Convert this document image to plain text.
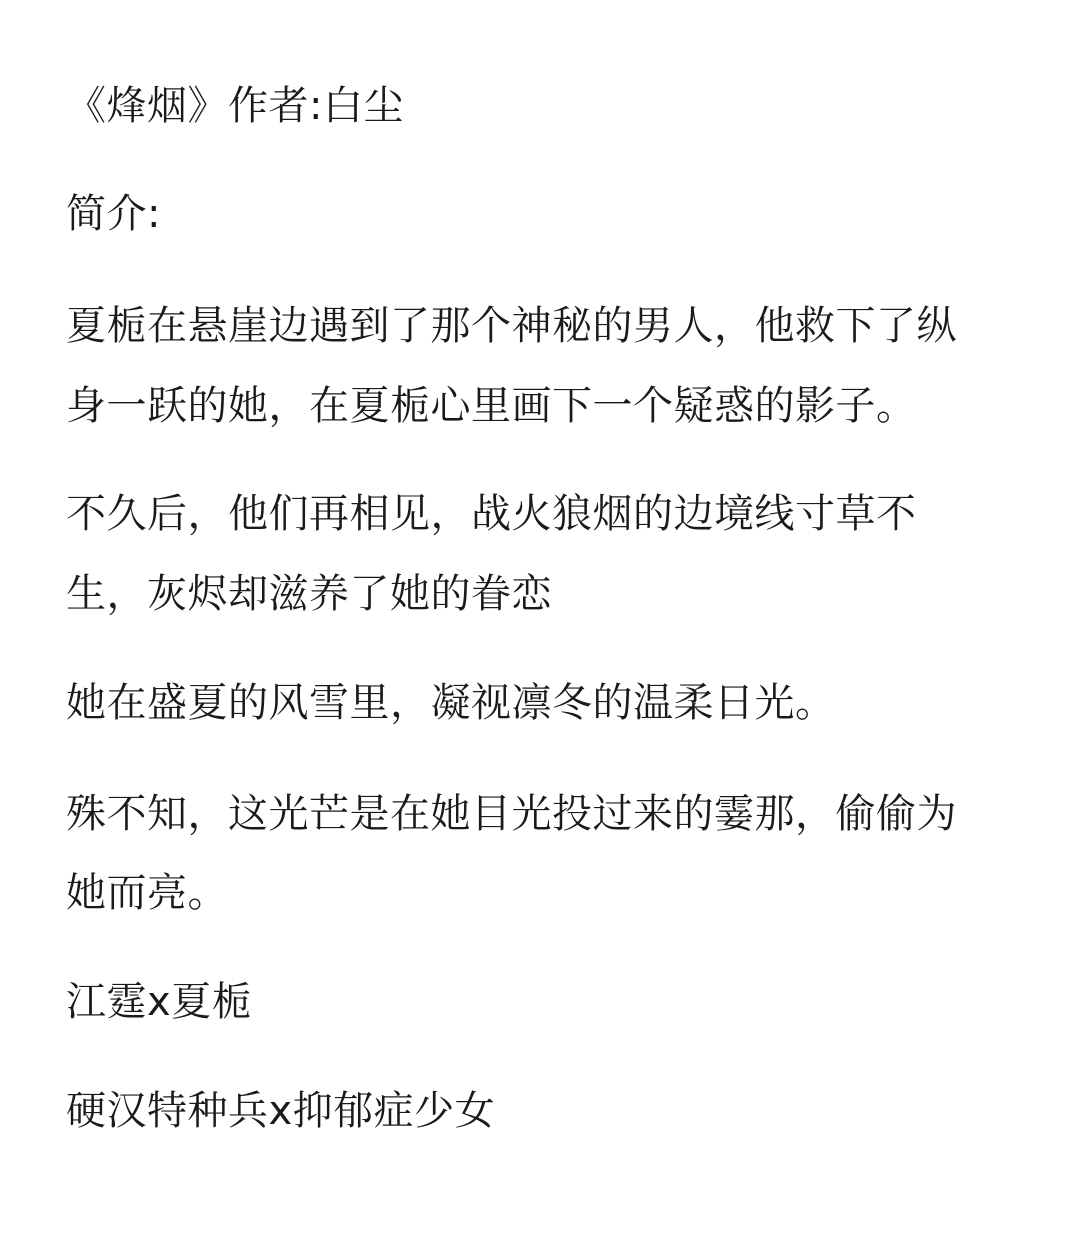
《烽烟》作者:白尘
简介:
夏栀在悬崖边遇到了那个神秘的男人，他救下了纵
身一跃的她，在夏栀心里画下一个疑惑的影子。
不久后，他们再相见，战火狼烟的边境线寸草不
生，灰烬却滋养了她的眷恋
她在盛夏的风雪里，凝视凛冬的温柔日光。
殊不知，这光芒是在她目光投过来的霎那，偷偷为
她而亮。
江霆x夏栀
硬汉特种兵x抑郁症少女
